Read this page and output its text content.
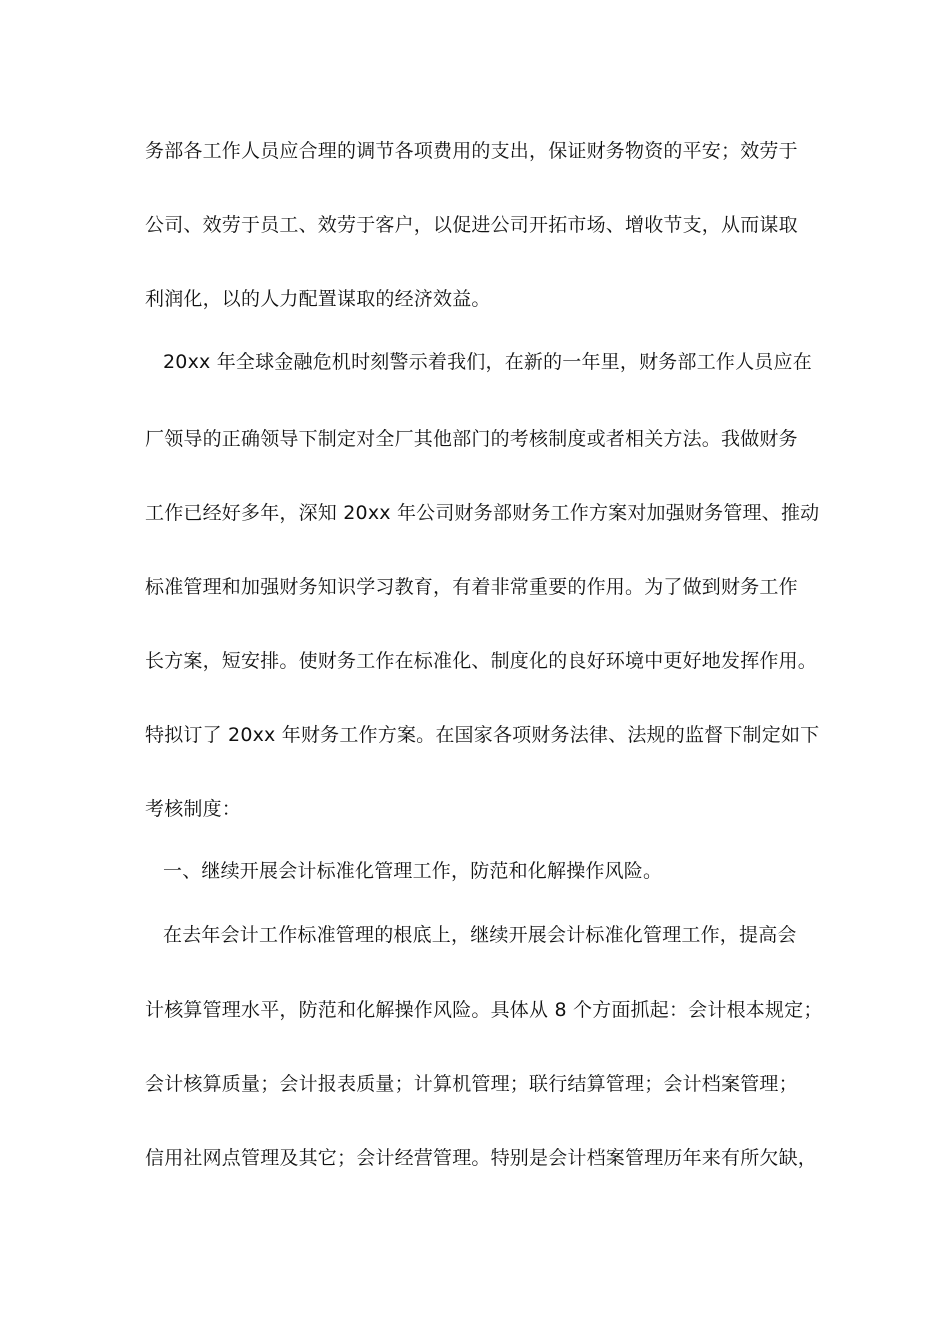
务部各工作人员应合理的调节各项费用的支出，保证财务物资的平安；效劳于
公司、效劳于员工、效劳于客户，以促进公司开拓市场、增收节支，从而谋取
利润化，以的人力配置谋取的经济效益。
20xx 年全球金融危机时刻警示着我们，在新的一年里，财务部工作人员应在
厂领导的正确领导下制定对全厂其他部门的考核制度或者相关方法。我做财务
工作已经好多年，深知 20xx 年公司财务部财务工作方案对加强财务管理、推动
标准管理和加强财务知识学习教育，有着非常重要的作用。为了做到财务工作
长方案，短安排。使财务工作在标准化、制度化的良好环境中更好地发挥作用。
特拟订了 20xx 年财务工作方案。在国家各项财务法律、法规的监督下制定如下
考核制度：
一、继续开展会计标准化管理工作，防范和化解操作风险。
在去年会计工作标准管理的根底上，继续开展会计标准化管理工作，提高会
计核算管理水平，防范和化解操作风险。具体从 8 个方面抓起：会计根本规定；
会计核算质量；会计报表质量；计算机管理；联行结算管理；会计档案管理；
信用社网点管理及其它；会计经营管理。特别是会计档案管理历年来有所欠缺，
